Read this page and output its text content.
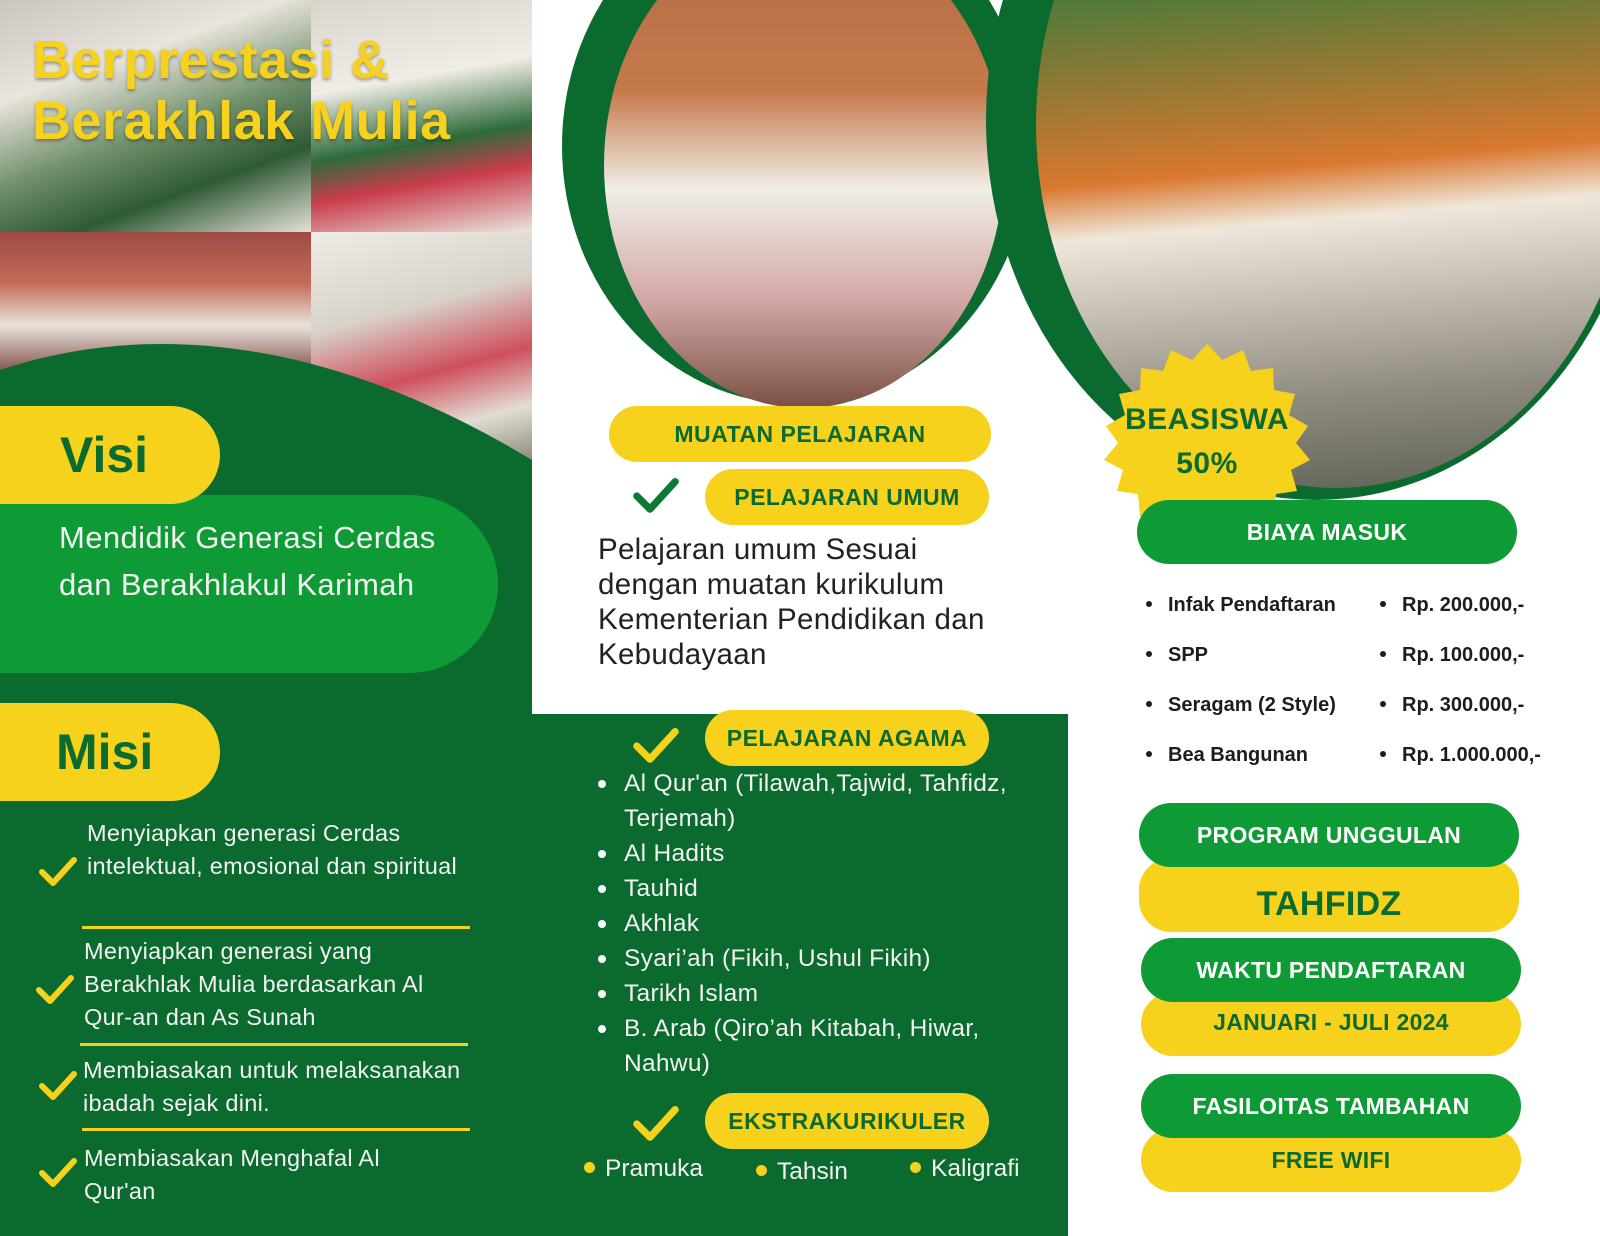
Berprestasi & Berakhlak Mulia
Visi
Mendidik Generasi Cerdas dan Berakhlakul Karimah
Misi
Menyiapkan generasi Cerdas intelektual, emosional dan spiritual
Menyiapkan generasi yang Berakhlak Mulia berdasarkan Al Qur-an dan As Sunah
Membiasakan untuk melaksanakan ibadah sejak dini.
Membiasakan Menghafal Al Qur'an
MUATAN PELAJARAN
PELAJARAN UMUM
Pelajaran umum Sesuai dengan muatan kurikulum Kementerian Pendidikan dan Kebudayaan
PELAJARAN AGAMA
Al Qur'an (Tilawah,Tajwid, Tahfidz, Terjemah)
Al Hadits
Tauhid
Akhlak
Syari’ah (Fikih, Ushul Fikih)
Tarikh Islam
B. Arab (Qiro’ah Kitabah, Hiwar, Nahwu)
EKSTRAKURIKULER
Pramuka	Tahsin	Kaligrafi
BEASISWA
50%
BIAYA MASUK
Infak Pendaftaran	Rp. 200.000,-
SPP	Rp. 100.000,-
Seragam (2 Style)	Rp. 300.000,-
Bea Bangunan	Rp. 1.000.000,-
TAHFIDZ
PROGRAM UNGGULAN
JANUARI - JULI 2024
WAKTU PENDAFTARAN
FREE WIFI
FASILOITAS TAMBAHAN
